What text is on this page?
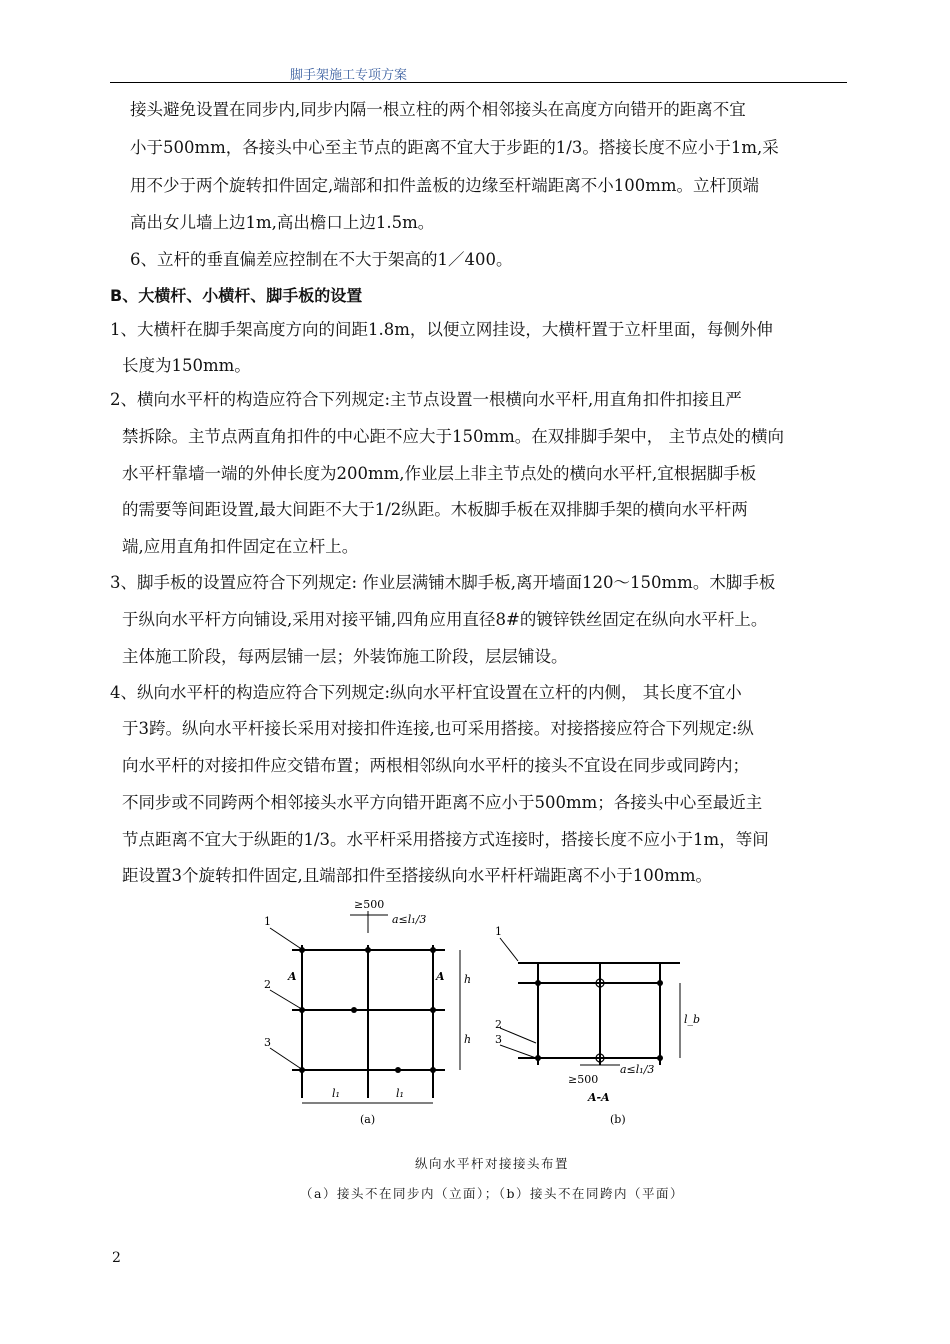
脚手架施工专项方案
接头避免设置在同步内,同步内隔一根立柱的两个相邻接头在高度方向错开的距离不宜
小于500mm，各接头中心至主节点的距离不宜大于步距的1/3。搭接长度不应小于1m,采
用不少于两个旋转扣件固定,端部和扣件盖板的边缘至杆端距离不小100mm。立杆顶端
高出女儿墙上边1m,高出檐口上边1.5m。
6、立杆的垂直偏差应控制在不大于架高的1／400。
B、大横杆、小横杆、脚手板的设置
1、大横杆在脚手架高度方向的间距1.8m，以便立网挂设，大横杆置于立杆里面，每侧外伸
长度为150mm。
2、横向水平杆的构造应符合下列规定:主节点设置一根横向水平杆,用直角扣件扣接且严
禁拆除。主节点两直角扣件的中心距不应大于150mm。在双排脚手架中， 主节点处的横向
水平杆靠墙一端的外伸长度为200mm,作业层上非主节点处的横向水平杆,宜根据脚手板
的需要等间距设置,最大间距不大于1/2纵距。木板脚手板在双排脚手架的横向水平杆两
端,应用直角扣件固定在立杆上。
3、脚手板的设置应符合下列规定: 作业层满铺木脚手板,离开墙面120～150mm。木脚手板
于纵向水平杆方向铺设,采用对接平铺,四角应用直径8#的镀锌铁丝固定在纵向水平杆上。
主体施工阶段，每两层铺一层；外装饰施工阶段，层层铺设。
4、纵向水平杆的构造应符合下列规定:纵向水平杆宜设置在立杆的内侧， 其长度不宜小
于3跨。纵向水平杆接长采用对接扣件连接,也可采用搭接。对接搭接应符合下列规定:纵
向水平杆的对接扣件应交错布置；两根相邻纵向水平杆的接头不宜设在同步或同跨内；
不同步或不同跨两个相邻接头水平方向错开距离不应小于500mm；各接头中心至最近主
节点距离不宜大于纵距的1/3。水平杆采用搭接方式连接时，搭接长度不应小于1m，等间
距设置3个旋转扣件固定,且端部扣件至搭接纵向水平杆杆端距离不小于100mm。
1
2
3
A	A
≥500
a≤l₁/3
h
h
l₁	l₁
(a)
1
2
3
l_b
≥500
a≤l₁/3
A-A
(b)
纵向水平杆对接接头布置
（a）接头不在同步内（立面）；（b）接头不在同跨内（平面）
2
